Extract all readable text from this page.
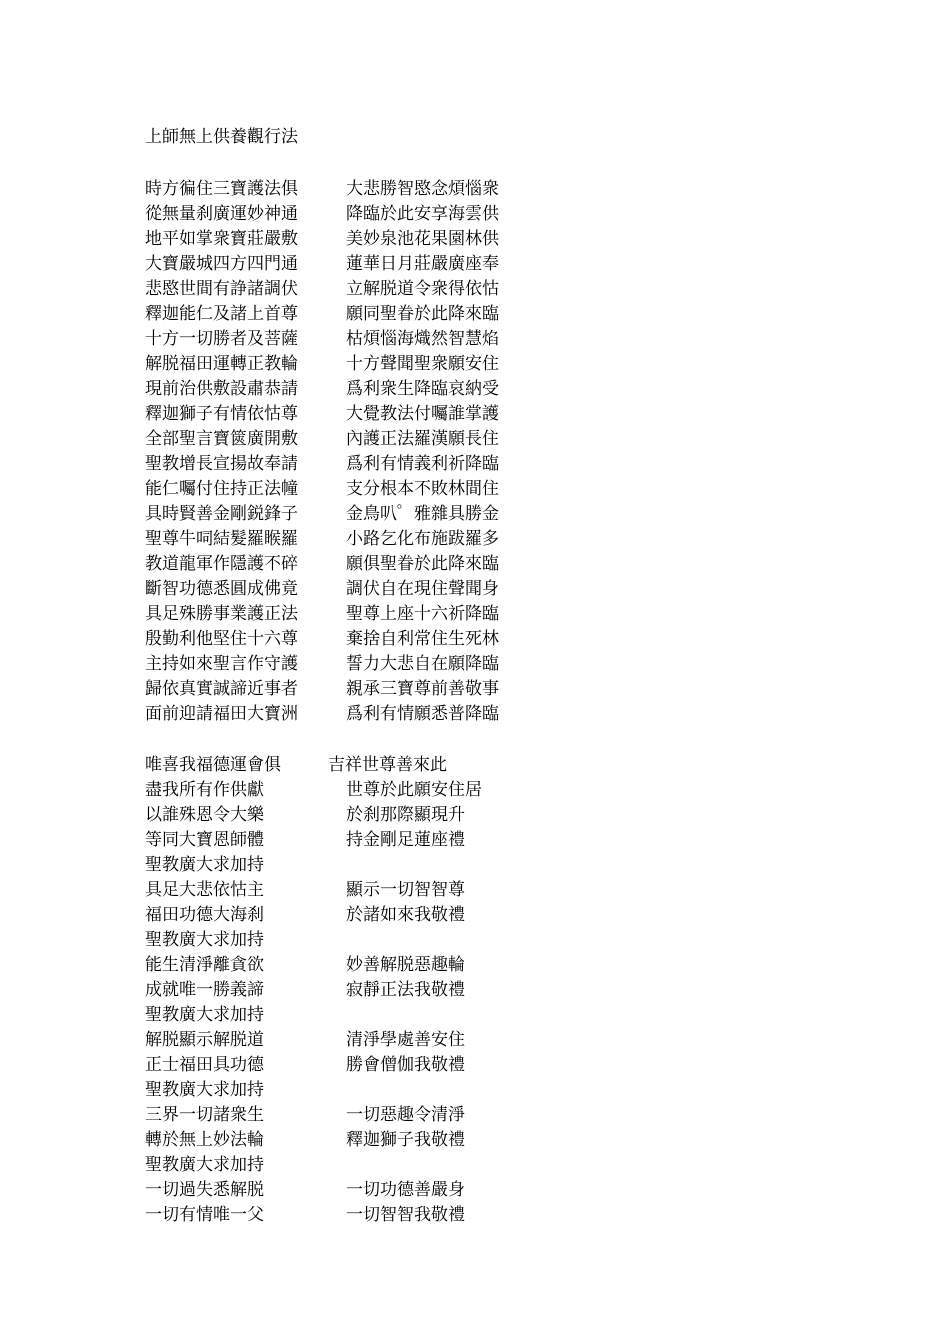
上師無上供養觀行法
時方徧住三寶護法俱	大悲勝智愍念煩惱衆
從無量刹廣運妙神通	降臨於此安享海雲供
地平如掌衆寶莊嚴敷	美妙泉池花果園林供
大寶嚴城四方四門通	蓮華日月莊嚴廣座奉
悲愍世間有諍諸調伏	立解脱道令衆得依怙
釋迦能仁及諸上首尊	願同聖眷於此降來臨
十方一切勝者及菩薩	枯煩惱海熾然智慧焰
解脱福田運轉正教輪	十方聲聞聖衆願安住
現前治供敷設肅恭請	爲利衆生降臨哀納受
釋迦獅子有情依怙尊	大覺教法付囑誰掌護
全部聖言寶篋廣開敷	內護正法羅漢願長住
聖教增長宣揚故奉請	爲利有情義利祈降臨
能仁囑付住持正法幢	支分根本不敗林間住
具時賢善金剛鋭鋒子	金鳥叭゜雅雜具勝金
聖尊牛呞結髮羅睺羅	小路乞化布施跋羅多
教道龍軍作隱護不碎	願俱聖眷於此降來臨
斷智功德悉圓成佛竟	調伏自在現住聲聞身
具足殊勝事業護正法	聖尊上座十六祈降臨
殷勤利他堅住十六尊	棄捨自利常住生死林
主持如來聖言作守護	誓力大悲自在願降臨
歸依真實誠諦近事者	親承三寶尊前善敬事
面前迎請福田大寶洲	爲利有情願悉普降臨
唯喜我福德運會俱	吉祥世尊善來此
盡我所有作供獻	世尊於此願安住居
以誰殊恩令大樂	於刹那際顯現升
等同大寶恩師體	持金剛足蓮座禮
聖教廣大求加持
具足大悲依怙主	顯示一切智智尊
福田功德大海刹	於諸如來我敬禮
聖教廣大求加持
能生清淨離貪欲	妙善解脱惡趣輪
成就唯一勝義諦	寂靜正法我敬禮
聖教廣大求加持
解脱顯示解脱道	清淨學處善安住
正士福田具功德	勝會僧伽我敬禮
聖教廣大求加持
三界一切諸衆生	一切惡趣令清淨
轉於無上妙法輪	釋迦獅子我敬禮
聖教廣大求加持
一切過失悉解脱	一切功德善嚴身
一切有情唯一父	一切智智我敬禮
